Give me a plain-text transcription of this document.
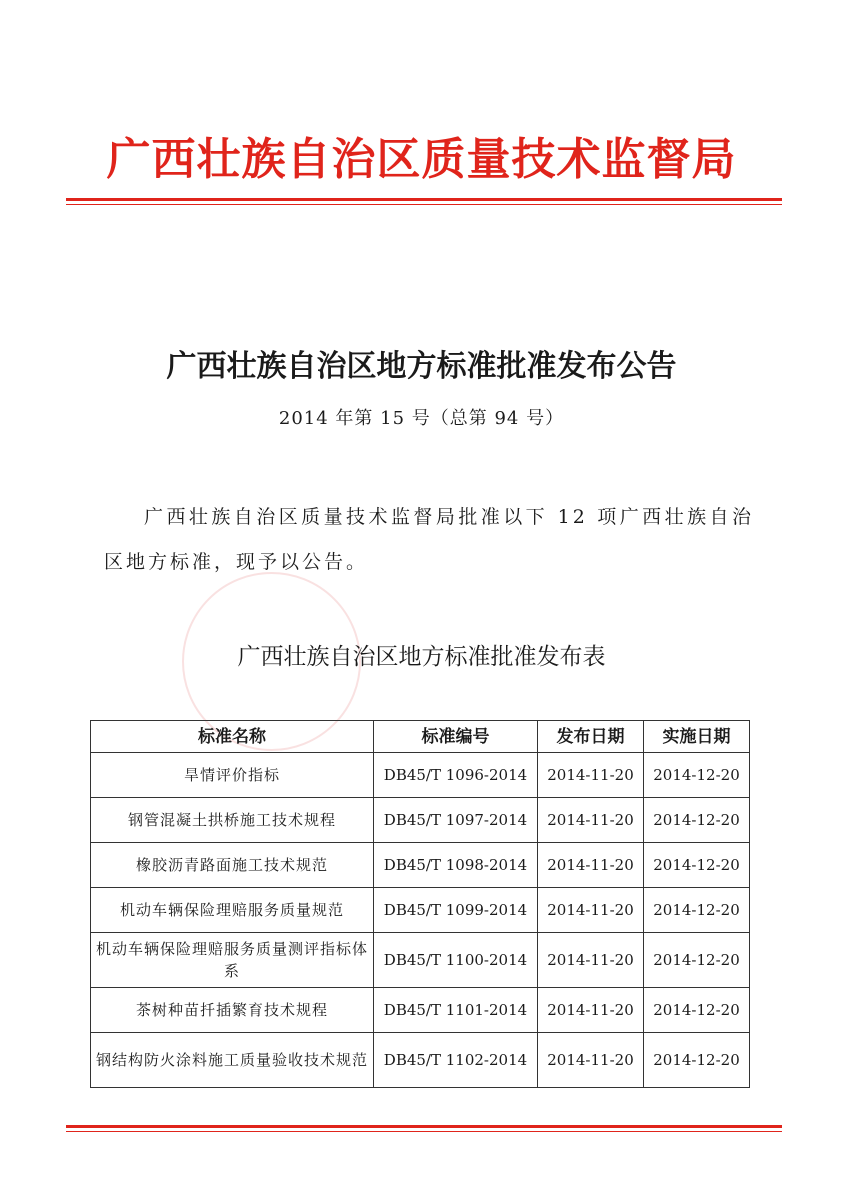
广西壮族自治区质量技术监督局
广西壮族自治区地方标准批准发布公告
2014 年第 15 号（总第 94 号）
广西壮族自治区质量技术监督局批准以下 12 项广西壮族自治区地方标准，现予以公告。
广西壮族自治区地方标准批准发布表
标准名称	标准编号	发布日期	实施日期
旱情评价指标	DB45/T 1096-2014	2014-11-20	2014-12-20
钢管混凝土拱桥施工技术规程	DB45/T 1097-2014	2014-11-20	2014-12-20
橡胶沥青路面施工技术规范	DB45/T 1098-2014	2014-11-20	2014-12-20
机动车辆保险理赔服务质量规范	DB45/T 1099-2014	2014-11-20	2014-12-20
机动车辆保险理赔服务质量测评指标体系	DB45/T 1100-2014	2014-11-20	2014-12-20
茶树种苗扦插繁育技术规程	DB45/T 1101-2014	2014-11-20	2014-12-20
钢结构防火涂料施工质量验收技术规范	DB45/T 1102-2014	2014-11-20	2014-12-20
